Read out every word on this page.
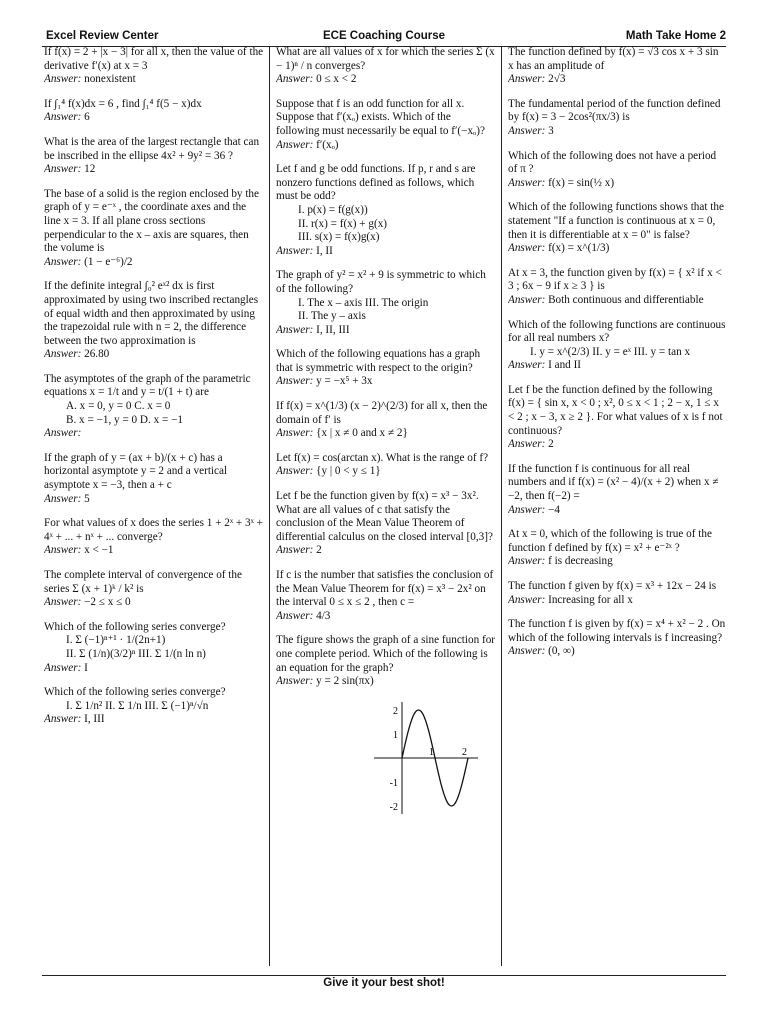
Excel Review Center	ECE Coaching Course	Math Take Home 2

If f(x) = 2 + |x − 3| for all x, then the value of the derivative f′(x) at x = 3

Answer: nonexistent

If ∫₁⁴ f(x)dx = 6 , find ∫₁⁴ f(5 − x)dx

Answer: 6

What is the area of the largest rectangle that can be inscribed in the ellipse 4x² + 9y² = 36 ?

Answer: 12

The base of a solid is the region enclosed by the graph of y = e⁻ˣ , the coordinate axes and the line x = 3. If all plane cross sections perpendicular to the x – axis are squares, then the volume is

Answer: (1 − e⁻⁶)/2

If the definite integral ∫₀² eˣ² dx is first approximated by using two inscribed rectangles of equal width and then approximated by using the trapezoidal rule with n = 2, the difference between the two approximation is

Answer: 26.80

The asymptotes of the graph of the parametric equations x = 1/t and y = t/(1 + t) are

A. x = 0, y = 0 C. x = 0

B. x = −1, y = 0 D. x = −1

Answer:

If the graph of y = (ax + b)/(x + c) has a horizontal asymptote y = 2 and a vertical asymptote x = −3, then a + c

Answer: 5

For what values of x does the series 1 + 2ˣ + 3ˣ + 4ˣ + ... + nˣ + ... converge?

Answer: x < −1

The complete interval of convergence of the series Σ (x + 1)ᵏ / k² is

Answer: −2 ≤ x ≤ 0

Which of the following series converge?

I. Σ (−1)ⁿ⁺¹ · 1/(2n+1)

II. Σ (1/n)(3/2)ⁿ III. Σ 1/(n ln n)

Answer: I

Which of the following series converge?

I. Σ 1/n² II. Σ 1/n III. Σ (−1)ⁿ/√n

Answer: I, III

What are all values of x for which the series Σ (x − 1)ⁿ / n converges?

Answer: 0 ≤ x < 2

Suppose that f is an odd function for all x. Suppose that f′(xₒ) exists. Which of the following must necessarily be equal to f′(−xₒ)?

Answer: f′(xₒ)

Let f and g be odd functions. If p, r and s are nonzero functions defined as follows, which must be odd?

I. p(x) = f(g(x))

II. r(x) = f(x) + g(x)

III. s(x) = f(x)g(x)

Answer: I, II

The graph of y² = x² + 9 is symmetric to which of the following?

I. The x – axis III. The origin

II. The y – axis

Answer: I, II, III

Which of the following equations has a graph that is symmetric with respect to the origin?

Answer: y = −x⁵ + 3x

If f(x) = x^(1/3) (x − 2)^(2/3) for all x, then the domain of f′ is

Answer: {x | x ≠ 0 and x ≠ 2}

Let f(x) = cos(arctan x). What is the range of f?

Answer: {y | 0 < y ≤ 1}

Let f be the function given by f(x) = x³ − 3x². What are all values of c that satisfy the conclusion of the Mean Value Theorem of differential calculus on the closed interval [0,3]?

Answer: 2

If c is the number that satisfies the conclusion of the Mean Value Theorem for f(x) = x³ − 2x² on the interval 0 ≤ x ≤ 2 , then c =

Answer: 4/3

The figure shows the graph of a sine function for one complete period. Which of the following is an equation for the graph?

Answer: y = 2 sin(πx)

2
1
-1
-2
1	2

The function defined by f(x) = √3 cos x + 3 sin x has an amplitude of

Answer: 2√3

The fundamental period of the function defined by f(x) = 3 − 2cos²(πx/3) is

Answer: 3

Which of the following does not have a period of π ?

Answer: f(x) = sin(½ x)

Which of the following functions shows that the statement "If a function is continuous at x = 0, then it is differentiable at x = 0" is false?

Answer: f(x) = x^(1/3)

At x = 3, the function given by f(x) = { x² if x < 3 ; 6x − 9 if x ≥ 3 } is

Answer: Both continuous and differentiable

Which of the following functions are continuous for all real numbers x?

I. y = x^(2/3) II. y = eˣ III. y = tan x

Answer: I and II

Let f be the function defined by the following f(x) = { sin x, x < 0 ; x², 0 ≤ x < 1 ; 2 − x, 1 ≤ x < 2 ; x − 3, x ≥ 2 }. For what values of x is f not continuous?

Answer: 2

If the function f is continuous for all real numbers and if f(x) = (x² − 4)/(x + 2) when x ≠ −2, then f(−2) =

Answer: −4

At x = 0, which of the following is true of the function f defined by f(x) = x² + e⁻²ˣ ?

Answer: f is decreasing

The function f given by f(x) = x³ + 12x − 24 is

Answer: Increasing for all x

The function f is given by f(x) = x⁴ + x² − 2 . On which of the following intervals is f increasing?

Answer: (0, ∞)

Give it your best shot!
